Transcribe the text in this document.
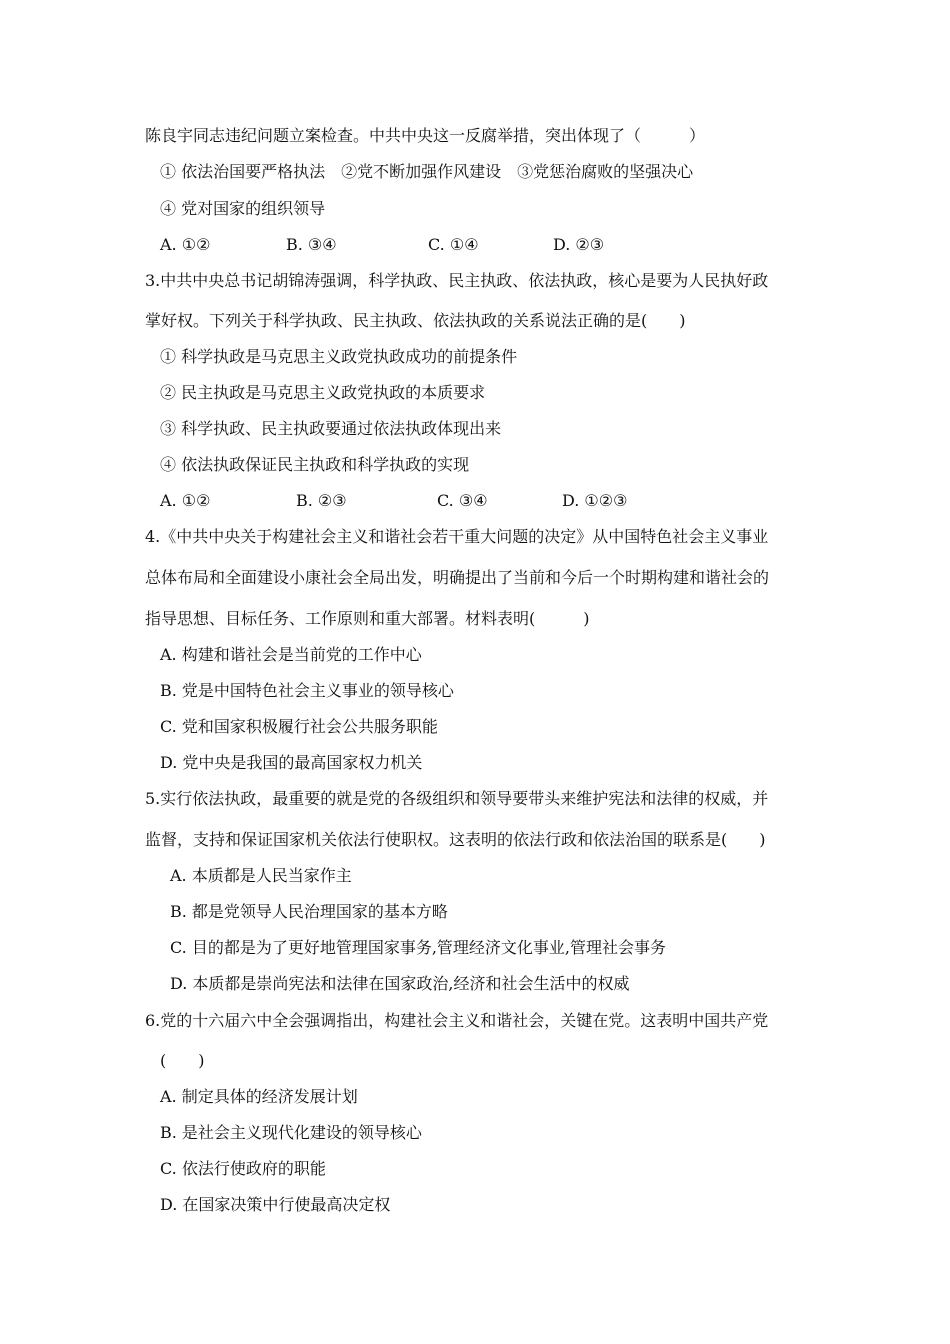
陈良宇同志违纪问题立案检查。中共中央这一反腐举措，突出体现了（　　　）
① 依法治国要严格执法　②党不断加强作风建设　③党惩治腐败的坚强决心
④ 党对国家的组织领导
A. ①②	B. ③④	C. ①④	D. ②③
3.中共中央总书记胡锦涛强调，科学执政、民主执政、依法执政，核心是要为人民执好政
掌好权。下列关于科学执政、民主执政、依法执政的关系说法正确的是(　　)
① 科学执政是马克思主义政党执政成功的前提条件
② 民主执政是马克思主义政党执政的本质要求
③ 科学执政、民主执政要通过依法执政体现出来
④ 依法执政保证民主执政和科学执政的实现
A. ①②	B. ②③	C. ③④	D. ①②③
4.《中共中央关于构建社会主义和谐社会若干重大问题的决定》从中国特色社会主义事业
总体布局和全面建设小康社会全局出发，明确提出了当前和今后一个时期构建和谐社会的
指导思想、目标任务、工作原则和重大部署。材料表明(　　　)
A. 构建和谐社会是当前党的工作中心
B. 党是中国特色社会主义事业的领导核心
C. 党和国家积极履行社会公共服务职能
D. 党中央是我国的最高国家权力机关
5.实行依法执政，最重要的就是党的各级组织和领导要带头来维护宪法和法律的权威，并
监督，支持和保证国家机关依法行使职权。这表明的依法行政和依法治国的联系是(　　)
A. 本质都是人民当家作主
B. 都是党领导人民治理国家的基本方略
C. 目的都是为了更好地管理国家事务,管理经济文化事业,管理社会事务
D. 本质都是崇尚宪法和法律在国家政治,经济和社会生活中的权威
6.党的十六届六中全会强调指出，构建社会主义和谐社会，关键在党。这表明中国共产党
(　　)
A. 制定具体的经济发展计划
B. 是社会主义现代化建设的领导核心
C. 依法行使政府的职能
D. 在国家决策中行使最高决定权
